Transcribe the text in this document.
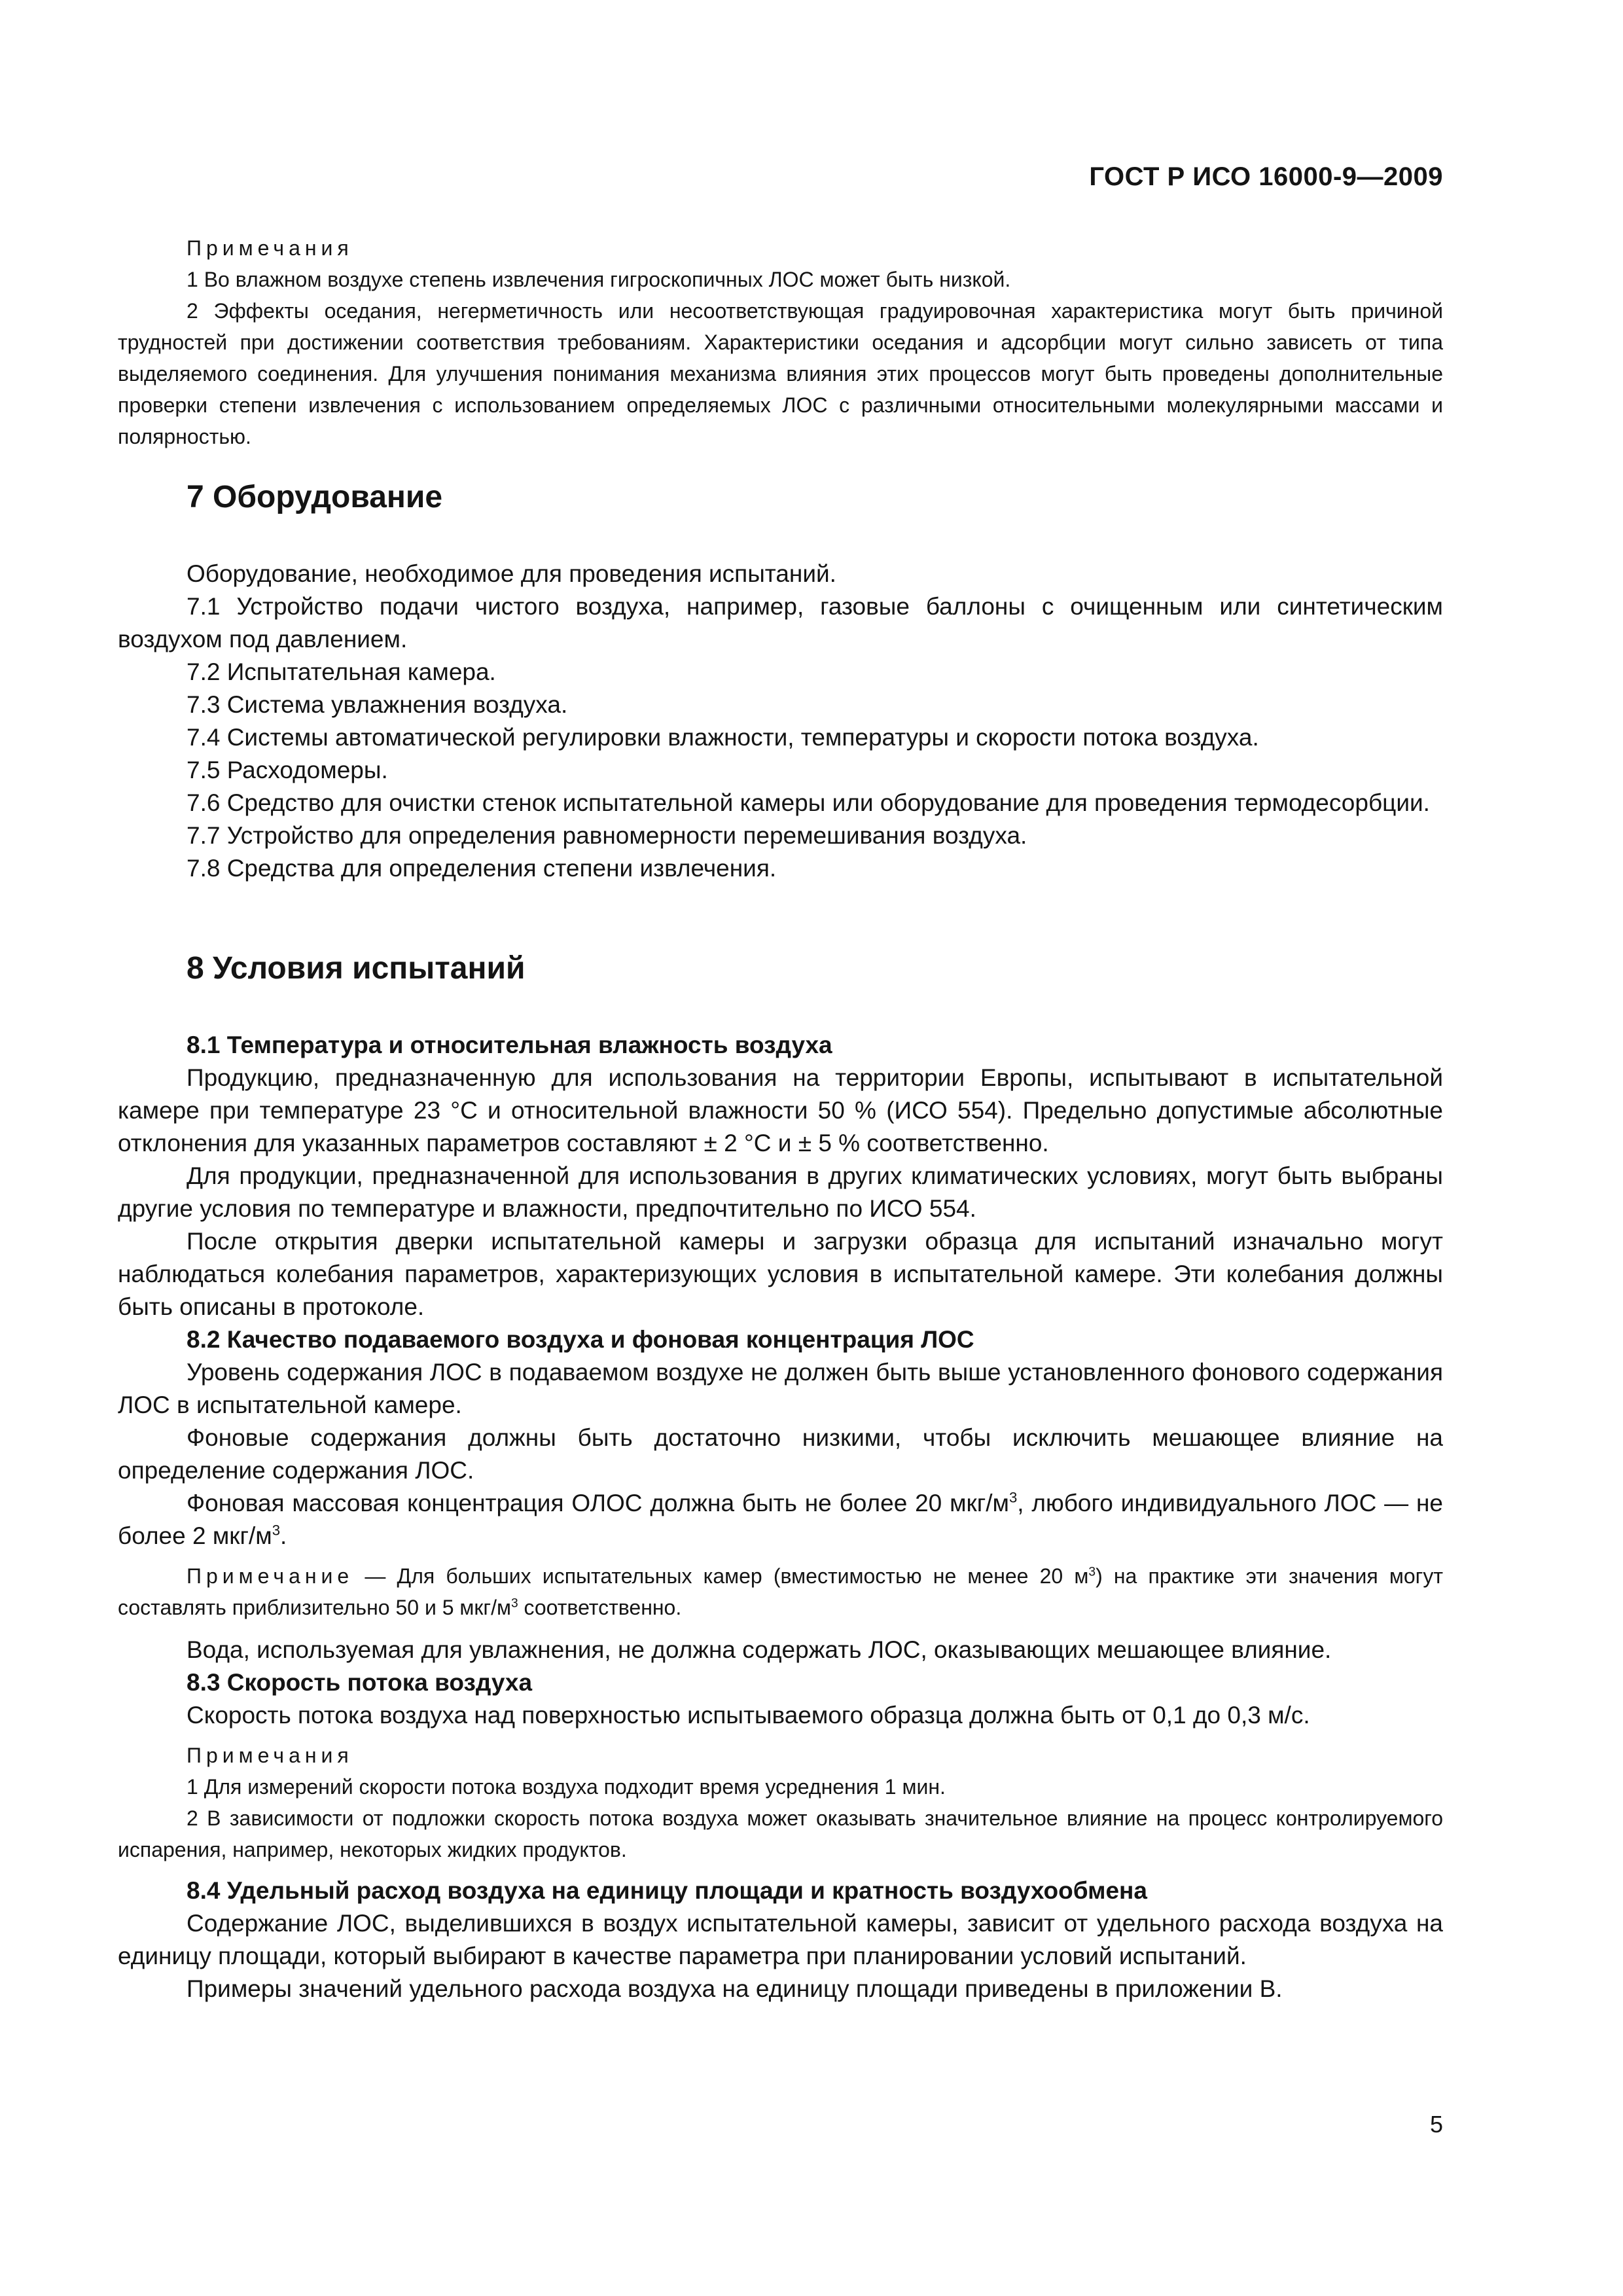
ГОСТ Р ИСО 16000-9—2009

Примечания

1 Во влажном воздухе степень извлечения гигроскопичных ЛОС может быть низкой.

2 Эффекты оседания, негерметичность или несоответствующая градуировочная характеристика могут быть причиной трудностей при достижении соответствия требованиям. Характеристики оседания и адсорбции могут сильно зависеть от типа выделяемого соединения. Для улучшения понимания механизма влияния этих процессов могут быть проведены дополнительные проверки степени извлечения с использованием определяемых ЛОС с различными относительными молекулярными массами и полярностью.

7 Оборудование

Оборудование, необходимое для проведения испытаний.

7.1 Устройство подачи чистого воздуха, например, газовые баллоны с очищенным или синтетическим воздухом под давлением.

7.2 Испытательная камера.

7.3 Система увлажнения воздуха.

7.4 Системы автоматической регулировки влажности, температуры и скорости потока воздуха.

7.5 Расходомеры.

7.6 Средство для очистки стенок испытательной камеры или оборудование для проведения термодесорбции.

7.7 Устройство для определения равномерности перемешивания воздуха.

7.8 Средства для определения степени извлечения.

8 Условия испытаний

8.1 Температура и относительная влажность воздуха

Продукцию, предназначенную для использования на территории Европы, испытывают в испытательной камере при температуре 23 °С и относительной влажности 50 % (ИСО 554). Предельно допустимые абсолютные отклонения для указанных параметров составляют ± 2 °С и ± 5 % соответственно.

Для продукции, предназначенной для использования в других климатических условиях, могут быть выбраны другие условия по температуре и влажности, предпочтительно по ИСО 554.

После открытия дверки испытательной камеры и загрузки образца для испытаний изначально могут наблюдаться колебания параметров, характеризующих условия в испытательной камере. Эти колебания должны быть описаны в протоколе.

8.2 Качество подаваемого воздуха и фоновая концентрация ЛОС

Уровень содержания ЛОС в подаваемом воздухе не должен быть выше установленного фонового содержания ЛОС в испытательной камере.

Фоновые содержания должны быть достаточно низкими, чтобы исключить мешающее влияние на определение содержания ЛОС.

Фоновая массовая концентрация ОЛОС должна быть не более 20 мкг/$м^3$, любого индивидуального ЛОС — не более 2 мкг/$м^3$.

Примечание — Для больших испытательных камер (вместимостью не менее 20 $м^3$) на практике эти значения могут составлять приблизительно 50 и 5 мкг/$м^3$ соответственно.

Вода, используемая для увлажнения, не должна содержать ЛОС, оказывающих мешающее влияние.

8.3 Скорость потока воздуха

Скорость потока воздуха над поверхностью испытываемого образца должна быть от 0,1 до 0,3 м/с.

Примечания

1 Для измерений скорости потока воздуха подходит время усреднения 1 мин.

2 В зависимости от подложки скорость потока воздуха может оказывать значительное влияние на процесс контролируемого испарения, например, некоторых жидких продуктов.

8.4 Удельный расход воздуха на единицу площади и кратность воздухообмена

Содержание ЛОС, выделившихся в воздух испытательной камеры, зависит от удельного расхода воздуха на единицу площади, который выбирают в качестве параметра при планировании условий испытаний.

Примеры значений удельного расхода воздуха на единицу площади приведены в приложении В.

5
